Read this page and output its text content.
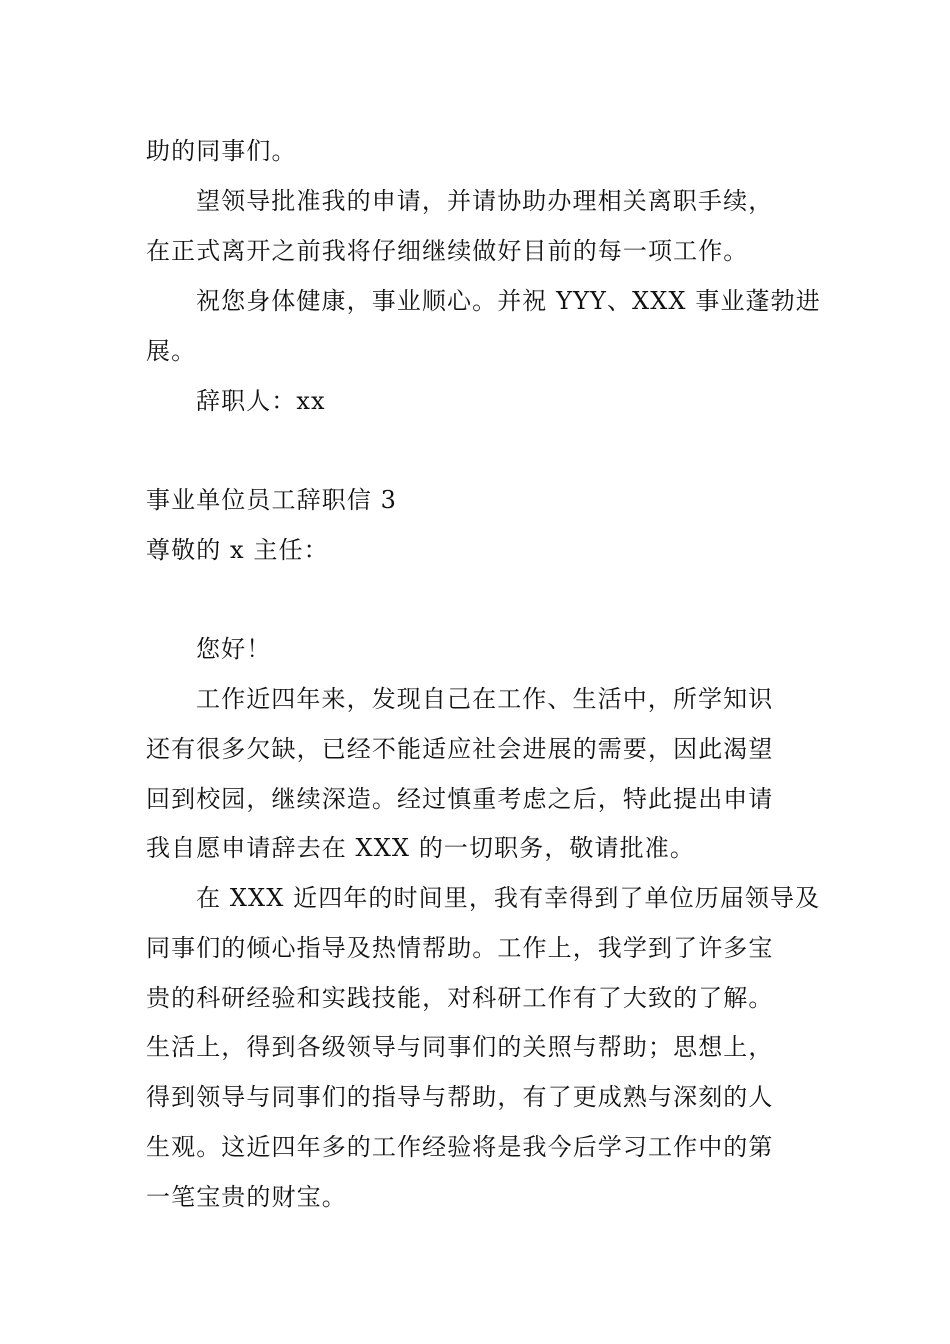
助的同事们。
望领导批准我的申请，并请协助办理相关离职手续，
在正式离开之前我将仔细继续做好目前的每一项工作。
祝您身体健康，事业顺心。并祝 YYY、XXX 事业蓬勃进
展。
辞职人：xx
事业单位员工辞职信 3
尊敬的 x 主任：
您好！
工作近四年来，发现自己在工作、生活中，所学知识
还有很多欠缺，已经不能适应社会进展的需要，因此渴望
回到校园，继续深造。经过慎重考虑之后，特此提出申请
我自愿申请辞去在 XXX 的一切职务，敬请批准。
在 XXX 近四年的时间里，我有幸得到了单位历届领导及
同事们的倾心指导及热情帮助。工作上，我学到了许多宝
贵的科研经验和实践技能，对科研工作有了大致的了解。
生活上，得到各级领导与同事们的关照与帮助；思想上，
得到领导与同事们的指导与帮助，有了更成熟与深刻的人
生观。这近四年多的工作经验将是我今后学习工作中的第
一笔宝贵的财宝。
